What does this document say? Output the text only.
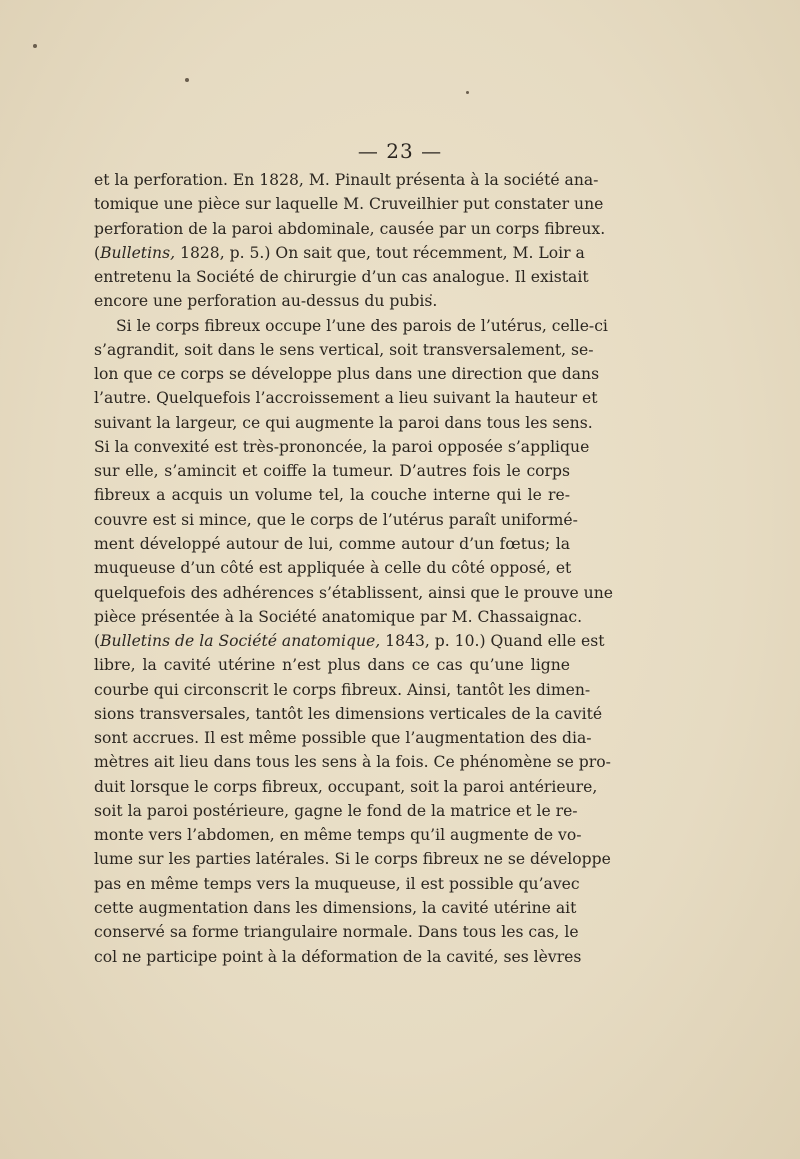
— 23 —
et la perforation. En 1828, M. Pinault présenta à la société ana-
tomique une pièce sur laquelle M. Cruveilhier put constater une
perforation de la paroi abdominale, causée par un corps fibreux.
(Bulletins, 1828, p. 5.) On sait que, tout récemment, M. Loir a
entretenu la Société de chirurgie d’un cas analogue. Il existait
encore une perforation au-dessus du pubis.
Si le corps fibreux occupe l’une des parois de l’utérus, celle-ci
s’agrandit, soit dans le sens vertical, soit transversalement, se-
lon que ce corps se développe plus dans une direction que dans
l’autre. Quelquefois l’accroissement a lieu suivant la hauteur et
suivant la largeur, ce qui augmente la paroi dans tous les sens.
Si la convexité est très-prononcée, la paroi opposée s’applique
sur elle, s’amincit et coiffe la tumeur. D’autres fois le corps
fibreux a acquis un volume tel, la couche interne qui le re-
couvre est si mince, que le corps de l’utérus paraît uniformé-
ment développé autour de lui, comme autour d’un fœtus; la
muqueuse d’un côté est appliquée à celle du côté opposé, et
quelquefois des adhérences s’établissent, ainsi que le prouve une
pièce présentée à la Société anatomique par M. Chassaignac.
(Bulletins de la Société anatomique, 1843, p. 10.) Quand elle est
libre, la cavité utérine n’est plus dans ce cas qu’une ligne
courbe qui circonscrit le corps fibreux. Ainsi, tantôt les dimen-
sions transversales, tantôt les dimensions verticales de la cavité
sont accrues. Il est même possible que l’augmentation des dia-
mètres ait lieu dans tous les sens à la fois. Ce phénomène se pro-
duit lorsque le corps fibreux, occupant, soit la paroi antérieure,
soit la paroi postérieure, gagne le fond de la matrice et le re-
monte vers l’abdomen, en même temps qu’il augmente de vo-
lume sur les parties latérales. Si le corps fibreux ne se développe
pas en même temps vers la muqueuse, il est possible qu’avec
cette augmentation dans les dimensions, la cavité utérine ait
conservé sa forme triangulaire normale. Dans tous les cas, le
col ne participe point à la déformation de la cavité, ses lèvres
